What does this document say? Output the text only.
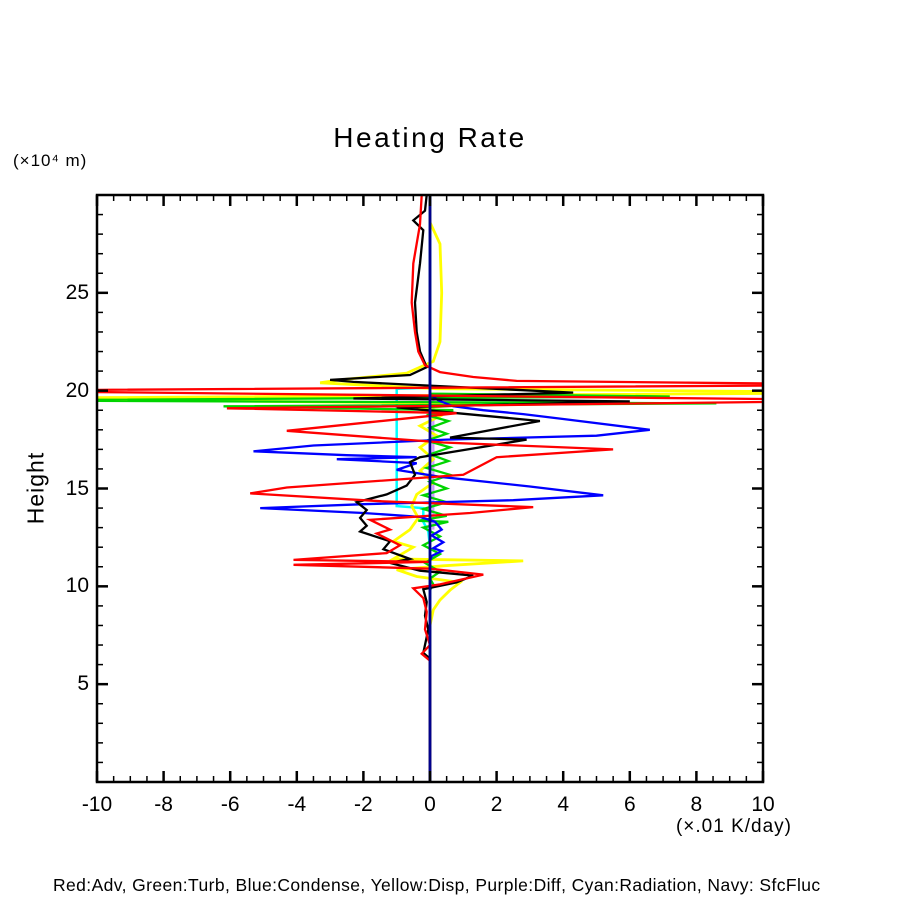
Heating Rate
(×10⁴ m)
Height
-10	-8	-6	-4	-2	0	2	4	6	8	10
5
10
15
20
25
(×.01 K/day)
Red:Adv, Green:Turb, Blue:Condense, Yellow:Disp, Purple:Diff, Cyan:Radiation, Navy: SfcFluc
